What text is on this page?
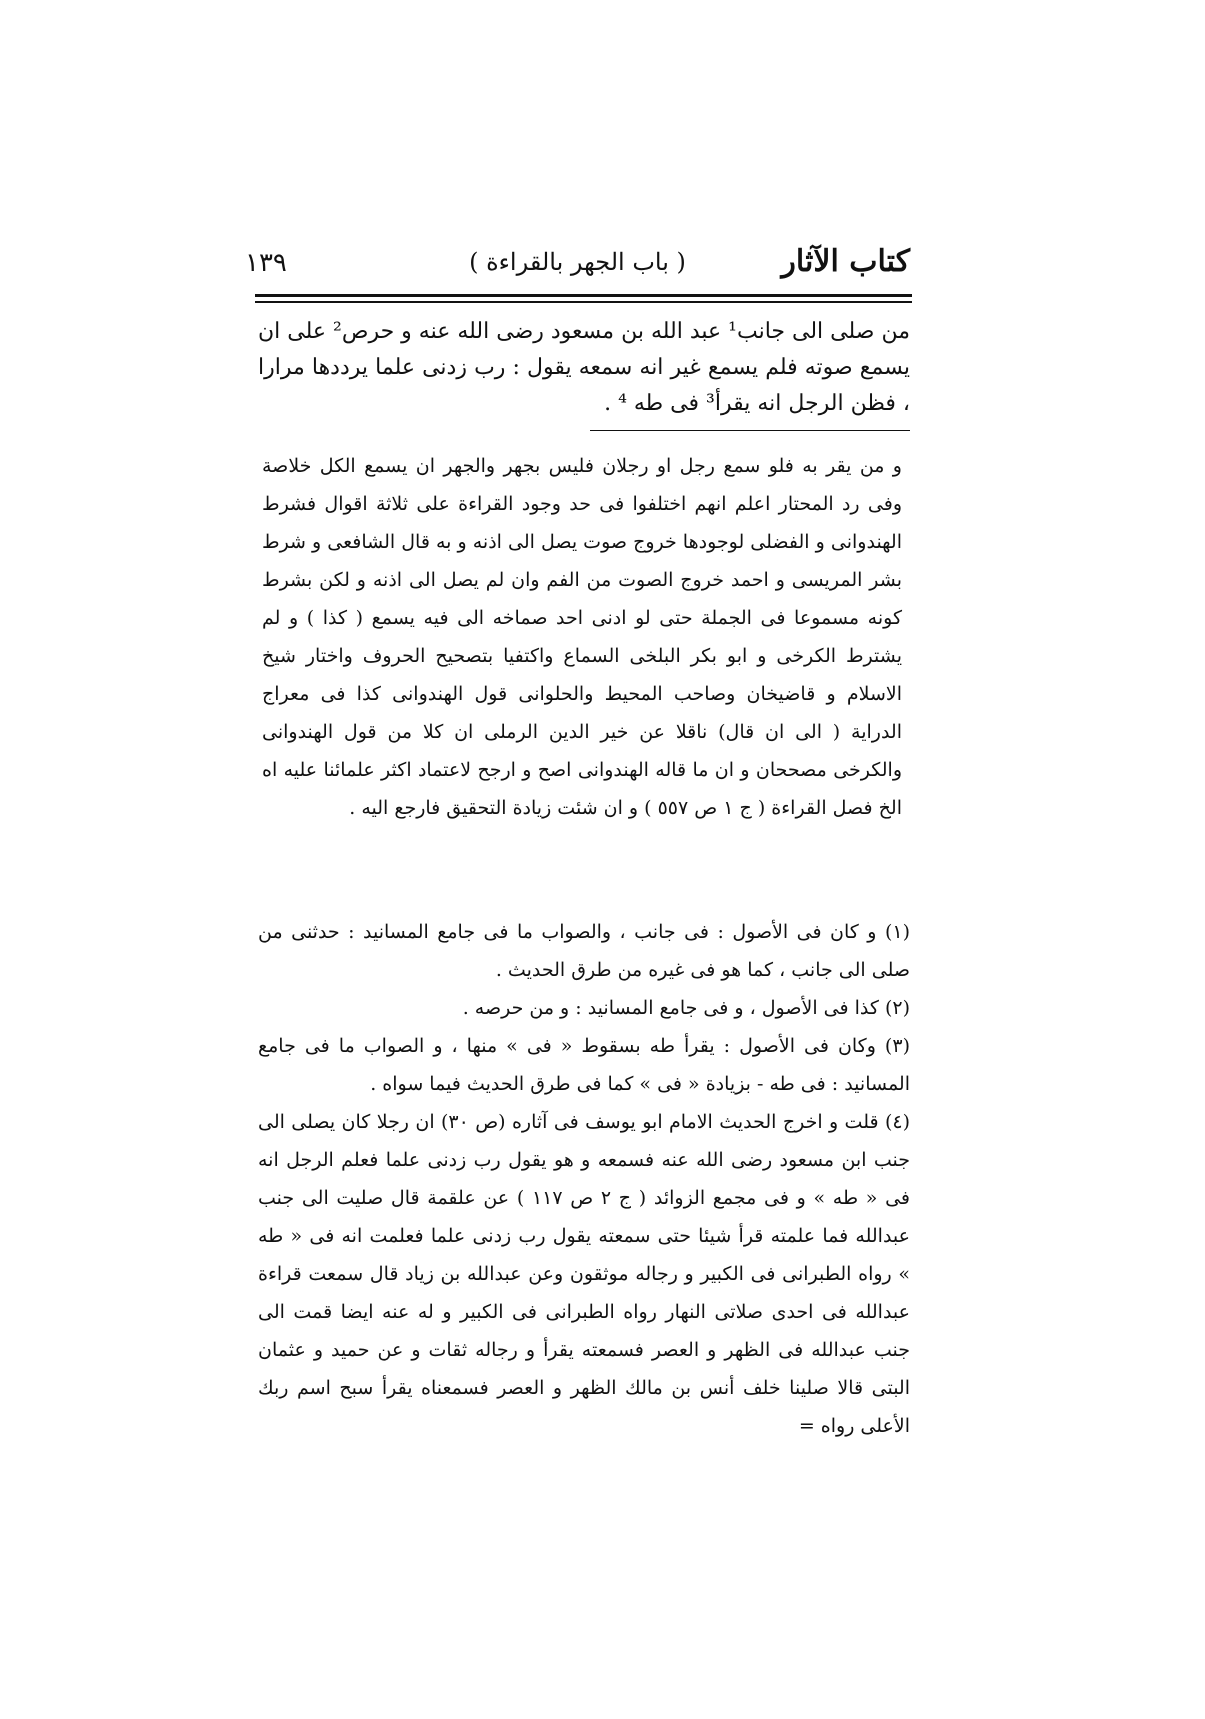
كتاب الآثار
( باب الجهر بالقراءة )
١٣٩

من صلى الى جانب¹ عبد الله بن مسعود رضى الله عنه و حرص² على ان يسمع صوته فلم يسمع غير انه سمعه يقول : رب زدنى علما يرددها مرارا ، فظن الرجل انه يقرأ³ فى طه ⁴ .

و من يقر به فلو سمع رجل او رجلان فليس بجهر والجهر ان يسمع الكل خلاصة وفى رد المحتار اعلم انهم اختلفوا فى حد وجود القراءة على ثلاثة اقوال فشرط الهندوانى و الفضلى لوجودها خروج صوت يصل الى اذنه و به قال الشافعى و شرط بشر المريسى و احمد خروج الصوت من الفم وان لم يصل الى اذنه و لكن بشرط كونه مسموعا فى الجملة حتى لو ادنى احد صماخه الى فيه يسمع ( كذا ) و لم يشترط الكرخى و ابو بكر البلخى السماع واكتفيا بتصحيح الحروف واختار شيخ الاسلام و قاضيخان وصاحب المحيط والحلوانى قول الهندوانى كذا فى معراج الدراية ( الى ان قال) ناقلا عن خير الدين الرملى ان كلا من قول الهندوانى والكرخى مصححان و ان ما قاله الهندوانى اصح و ارجح لاعتماد اكثر علمائنا عليه اه الخ فصل القراءة ( ج ١ ص ٥٥٧ ) و ان شئت زيادة التحقيق فارجع اليه .

(١) و كان فى الأصول : فى جانب ، والصواب ما فى جامع المسانيد : حدثنى من صلى الى جانب ، كما هو فى غيره من طرق الحديث .

(٢) كذا فى الأصول ، و فى جامع المسانيد : و من حرصه .

(٣) وكان فى الأصول : يقرأ طه بسقوط « فى » منها ، و الصواب ما فى جامع المسانيد : فى طه - بزيادة « فى » كما فى طرق الحديث فيما سواه .

(٤) قلت و اخرج الحديث الامام ابو يوسف فى آثاره (ص ٣٠) ان رجلا كان يصلى الى جنب ابن مسعود رضى الله عنه فسمعه و هو يقول رب زدنى علما فعلم الرجل انه فى « طه » و فى مجمع الزوائد ( ج ٢ ص ١١٧ ) عن علقمة قال صليت الى جنب عبدالله فما علمته قرأ شيئا حتى سمعته يقول رب زدنى علما فعلمت انه فى « طه » رواه الطبرانى فى الكبير و رجاله موثقون وعن عبدالله بن زياد قال سمعت قراءة عبدالله فى احدى صلاتى النهار رواه الطبرانى فى الكبير و له عنه ايضا قمت الى جنب عبدالله فى الظهر و العصر فسمعته يقرأ و رجاله ثقات و عن حميد و عثمان البتى قالا صلينا خلف أنس بن مالك الظهر و العصر فسمعناه يقرأ سبح اسم ربك الأعلى رواه =
